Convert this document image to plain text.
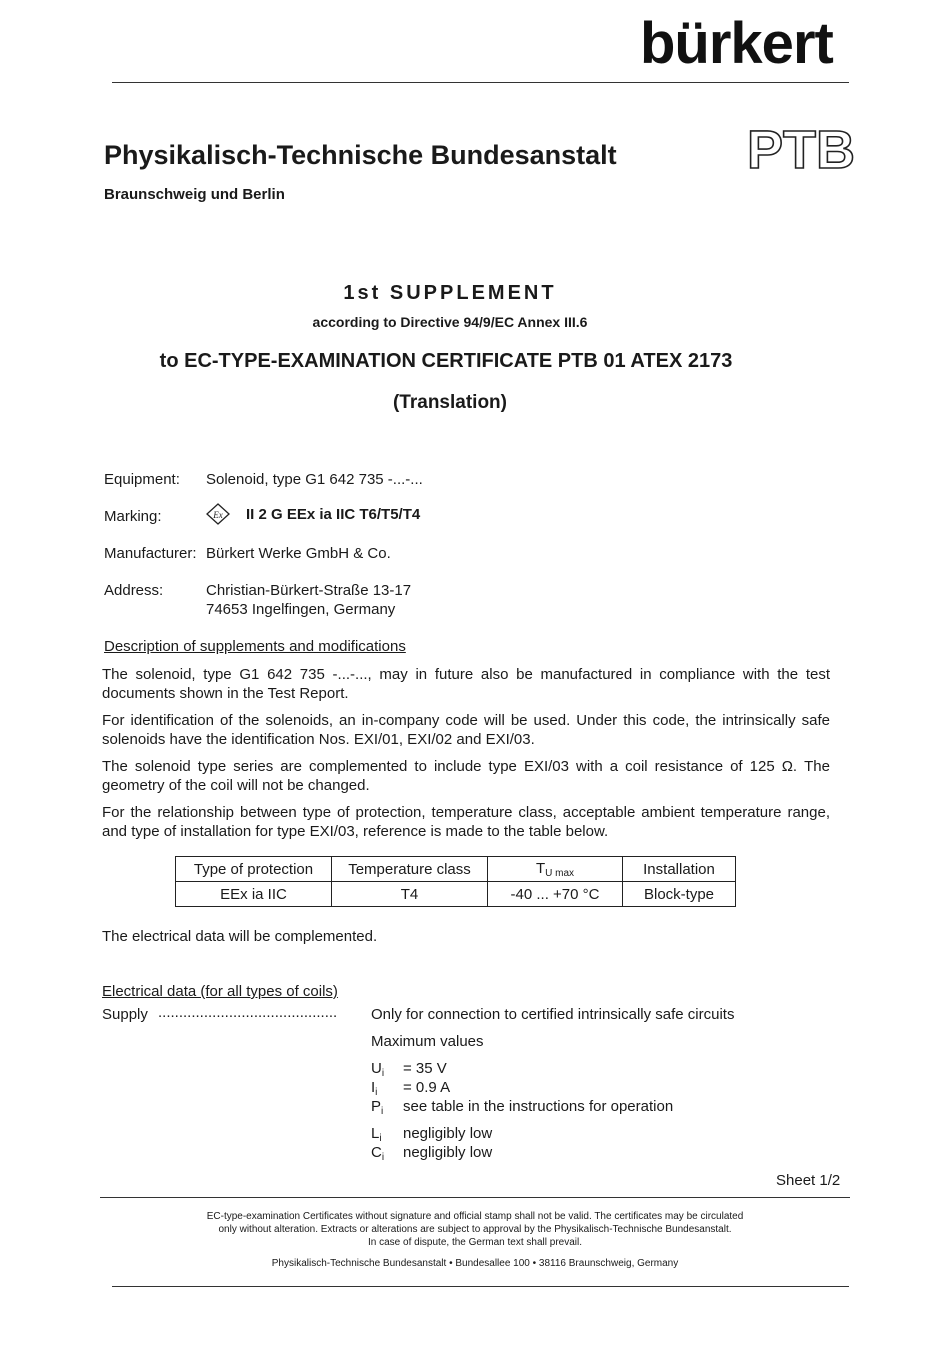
bürkert
Physikalisch-Technische Bundesanstalt
Braunschweig und Berlin
PTB
1st SUPPLEMENT
according to Directive 94/9/EC Annex III.6
to EC-TYPE-EXAMINATION CERTIFICATE PTB 01 ATEX 2173
(Translation)
Equipment: Solenoid, type G1 642 735 -...-...
Marking:	Ex II 2 G EEx ia IIC T6/T5/T4
Manufacturer: Bürkert Werke GmbH & Co.
Address:	Christian-Bürkert-Straße 13-17
74653 Ingelfingen, Germany
Description of supplements and modifications
The solenoid, type G1 642 735 -...-..., may in future also be manufactured in compliance with the test documents shown in the Test Report.
For identification of the solenoids, an in-company code will be used. Under this code, the intrinsically safe solenoids have the identification Nos. EXI/01, EXI/02 and EXI/03.
The solenoid type series are complemented to include type EXI/03 with a coil resistance of 125 Ω. The geometry of the coil will not be changed.
For the relationship between type of protection, temperature class, acceptable ambient temperature range, and type of installation for type EXI/03, reference is made to the table below.
Type of protection	Temperature class	$T_{U max}$	Installation
EEx ia IIC	T4	-40 ... +70 °C	Block-type
The electrical data will be complemented.
Electrical data (for all types of coils)
Supply ........................................... Only for connection to certified intrinsically safe circuits
Maximum values
$U_i = 35$ V
$I_i = 0.9$ A
$P_i$ see table in the instructions for operation
$L_i$ negligibly low
$C_i$ negligibly low
Sheet 1/2
EC-type-examination Certificates without signature and official stamp shall not be valid. The certificates may be circulated
only without alteration. Extracts or alterations are subject to approval by the Physikalisch-Technische Bundesanstalt.
In case of dispute, the German text shall prevail.
Physikalisch-Technische Bundesanstalt • Bundesallee 100 • 38116 Braunschweig, Germany
